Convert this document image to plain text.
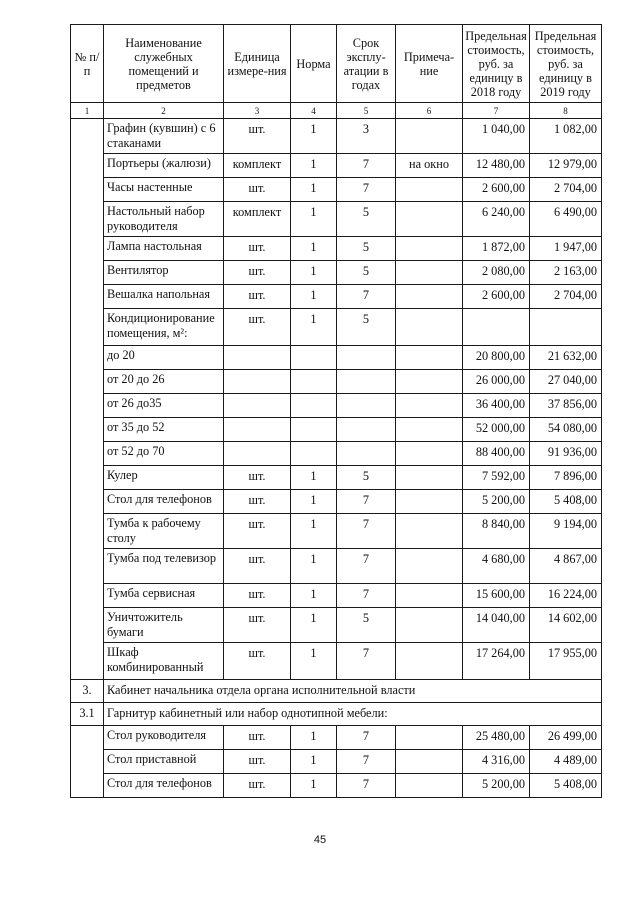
№ п/п	Наименование служебных помещений и предметов	Единица измере-ния	Норма	Срок эксплу-атации в годах	Примеча-ние	Предельная стоимость, руб. за единицу в 2018 году	Предельная стоимость, руб. за единицу в 2019 году
1	2	3	4	5	6	7	8
	Графин (кувшин) с 6 стаканами	шт.	1	3		1 040,00	1 082,00
	Портьеры (жалюзи)	комплект	1	7	на окно	12 480,00	12 979,00
	Часы настенные	шт.	1	7		2 600,00	2 704,00
	Настольный набор руководителя	комплект	1	5		6 240,00	6 490,00
	Лампа настольная	шт.	1	5		1 872,00	1 947,00
	Вентилятор	шт.	1	5		2 080,00	2 163,00
	Вешалка напольная	шт.	1	7		2 600,00	2 704,00
	Кондиционирование помещения, м²:	шт.	1	5			
	до 20					20 800,00	21 632,00
	от 20 до 26					26 000,00	27 040,00
	от 26 до35					36 400,00	37 856,00
	от 35 до 52					52 000,00	54 080,00
	от 52 до 70					88 400,00	91 936,00
	Кулер	шт.	1	5		7 592,00	7 896,00
	Стол для телефонов	шт.	1	7		5 200,00	5 408,00
	Тумба к рабочему столу	шт.	1	7		8 840,00	9 194,00
	Тумба под телевизор	шт.	1	7		4 680,00	4 867,00
	Тумба сервисная	шт.	1	7		15 600,00	16 224,00
	Уничтожитель бумаги	шт.	1	5		14 040,00	14 602,00
	Шкаф комбинированный	шт.	1	7		17 264,00	17 955,00
3.	Кабинет начальника отдела органа исполнительной власти						
3.1	Гарнитур кабинетный или набор однотипной мебели:						
	Стол руководителя	шт.	1	7		25 480,00	26 499,00
	Стол приставной	шт.	1	7		4 316,00	4 489,00
	Стол для телефонов	шт.	1	7		5 200,00	5 408,00
45
